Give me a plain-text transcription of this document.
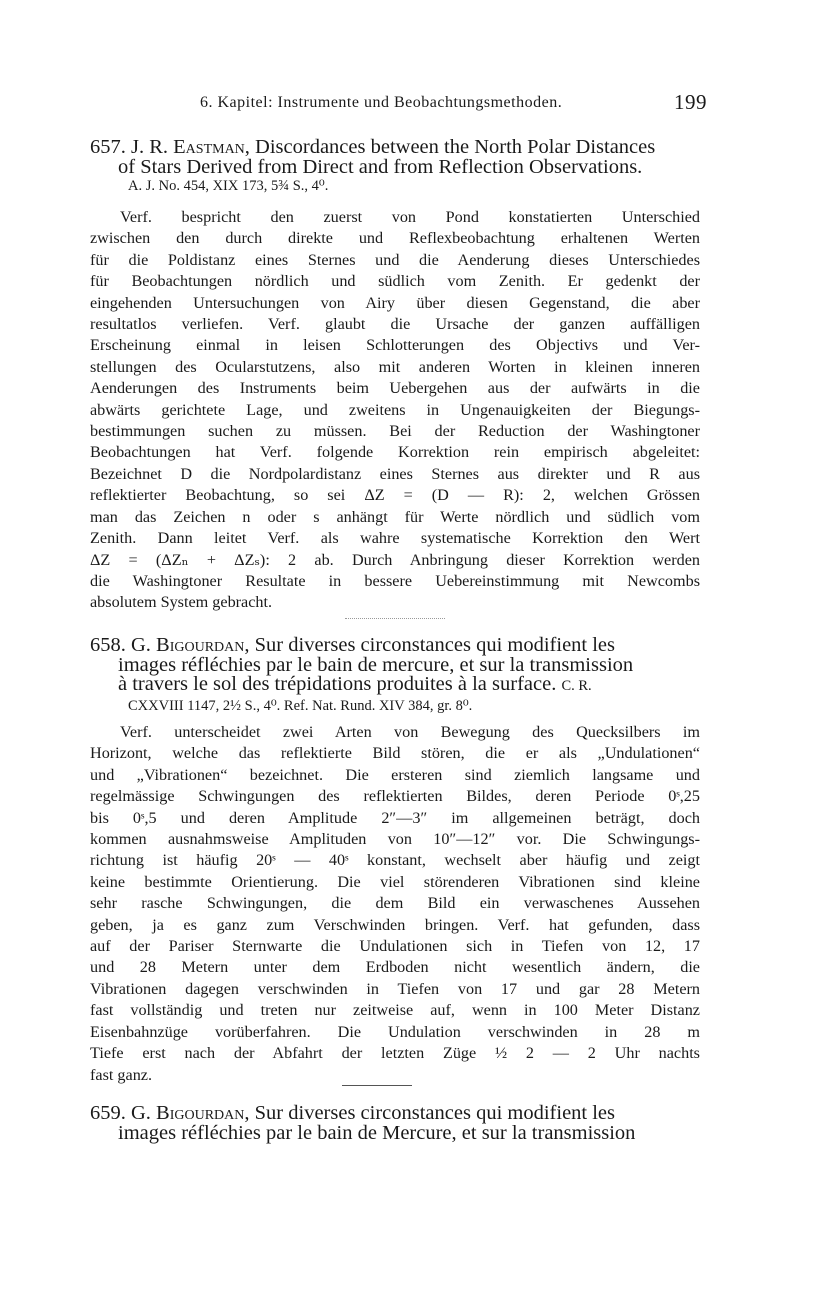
6. Kapitel: Instrumente und Beobachtungsmethoden.	199
657. J. R. Eastman, Discordances between the North Polar Distances
of Stars Derived from Direct and from Reflection Observations.
A. J. No. 454, XIX 173, 5¾ S., 4⁰.
Verf. bespricht den zuerst von Pond konstatierten Unterschied
zwischen den durch direkte und Reflexbeobachtung erhaltenen Werten
für die Poldistanz eines Sternes und die Aenderung dieses Unterschiedes
für Beobachtungen nördlich und südlich vom Zenith. Er gedenkt der
eingehenden Untersuchungen von Airy über diesen Gegenstand, die aber
resultatlos verliefen. Verf. glaubt die Ursache der ganzen auffälligen
Erscheinung einmal in leisen Schlotterungen des Objectivs und Ver-
stellungen des Ocularstutzens, also mit anderen Worten in kleinen inneren
Aenderungen des Instruments beim Uebergehen aus der aufwärts in die
abwärts gerichtete Lage, und zweitens in Ungenauigkeiten der Biegungs-
bestimmungen suchen zu müssen. Bei der Reduction der Washingtoner
Beobachtungen hat Verf. folgende Korrektion rein empirisch abgeleitet:
Bezeichnet D die Nordpolardistanz eines Sternes aus direkter und R aus
reflektierter Beobachtung, so sei ΔZ = (D — R): 2, welchen Grössen
man das Zeichen n oder s anhängt für Werte nördlich und südlich vom
Zenith. Dann leitet Verf. als wahre systematische Korrektion den Wert
ΔZ = (ΔZₙ + ΔZₛ): 2 ab. Durch Anbringung dieser Korrektion werden
die Washingtoner Resultate in bessere Uebereinstimmung mit Newcombs
absolutem System gebracht.
658. G. Bigourdan, Sur diverses circonstances qui modifient les
images réfléchies par le bain de mercure, et sur la transmission
à travers le sol des trépidations produites à la surface. C. R.
CXXVIII 1147, 2½ S., 4⁰. Ref. Nat. Rund. XIV 384, gr. 8⁰.
Verf. unterscheidet zwei Arten von Bewegung des Quecksilbers im
Horizont, welche das reflektierte Bild stören, die er als „Undulationen“
und „Vibrationen“ bezeichnet. Die ersteren sind ziemlich langsame und
regelmässige Schwingungen des reflektierten Bildes, deren Periode 0ˢ,25
bis 0ˢ,5 und deren Amplitude 2″—3″ im allgemeinen beträgt, doch
kommen ausnahmsweise Amplituden von 10″—12″ vor. Die Schwingungs-
richtung ist häufig 20ˢ — 40ˢ konstant, wechselt aber häufig und zeigt
keine bestimmte Orientierung. Die viel störenderen Vibrationen sind kleine
sehr rasche Schwingungen, die dem Bild ein verwaschenes Aussehen
geben, ja es ganz zum Verschwinden bringen. Verf. hat gefunden, dass
auf der Pariser Sternwarte die Undulationen sich in Tiefen von 12, 17
und 28 Metern unter dem Erdboden nicht wesentlich ändern, die
Vibrationen dagegen verschwinden in Tiefen von 17 und gar 28 Metern
fast vollständig und treten nur zeitweise auf, wenn in 100 Meter Distanz
Eisenbahnzüge vorüberfahren. Die Undulation verschwinden in 28 m
Tiefe erst nach der Abfahrt der letzten Züge ½ 2 — 2 Uhr nachts
fast ganz.
659. G. Bigourdan, Sur diverses circonstances qui modifient les
images réfléchies par le bain de Mercure, et sur la transmission
